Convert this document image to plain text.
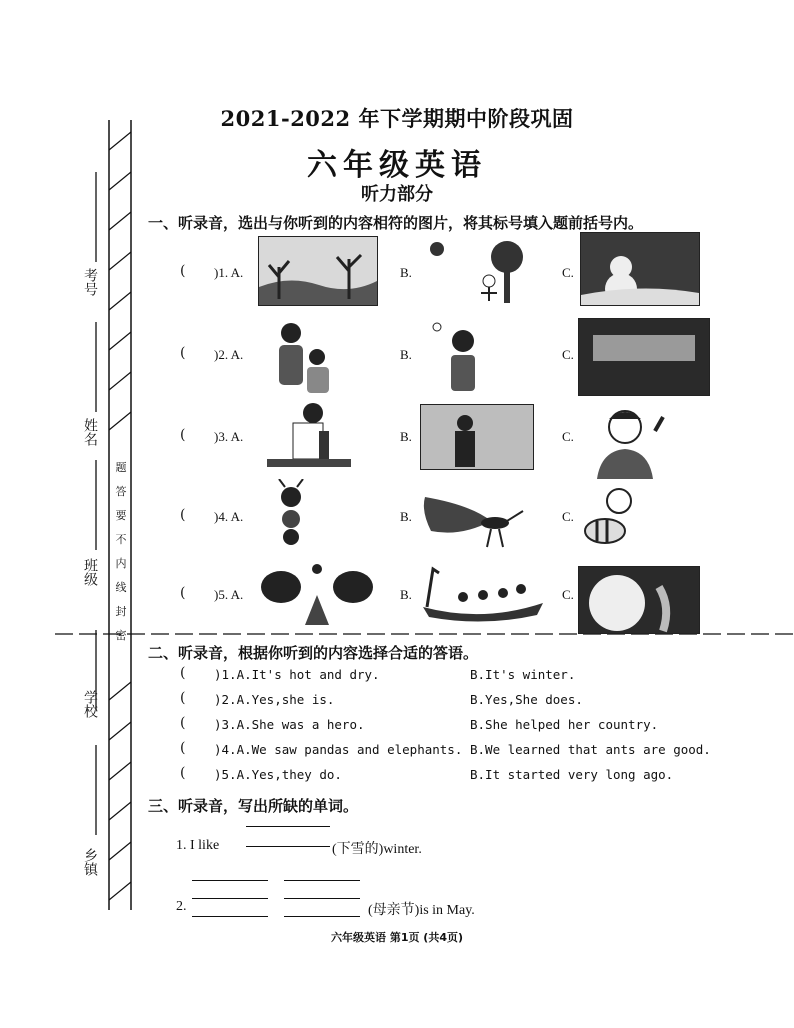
考号
姓名
班级
学校
乡镇
题
答
要
不
内
线
封
密
2021-2022 年下学期期中阶段巩固
六年级英语
听力部分
一、听录音，选出与你听到的内容相符的图片，将其标号填入题前括号内。
( )1. A.	B.	C.
( )2. A.	B.	C.
( )3. A.	B.	C.
( )4. A.	B.	C.
( )5. A.	B.	C.
二、听录音，根据你听到的内容选择合适的答语。
( )1.A.It's hot and dry.	B.It's winter.
( )2.A.Yes,she is.	B.Yes,She does.
( )3.A.She was a hero.	B.She helped her country.
( )4.A.We saw pandas and elephants. B.We learned that ants are good.
( )5.A.Yes,they do.	B.It started very long ago.
三、听录音，写出所缺的单词。
1. I like	(下雪的)winter.
2.	(母亲节)is in May.
六年级英语 第1页 (共4页)
